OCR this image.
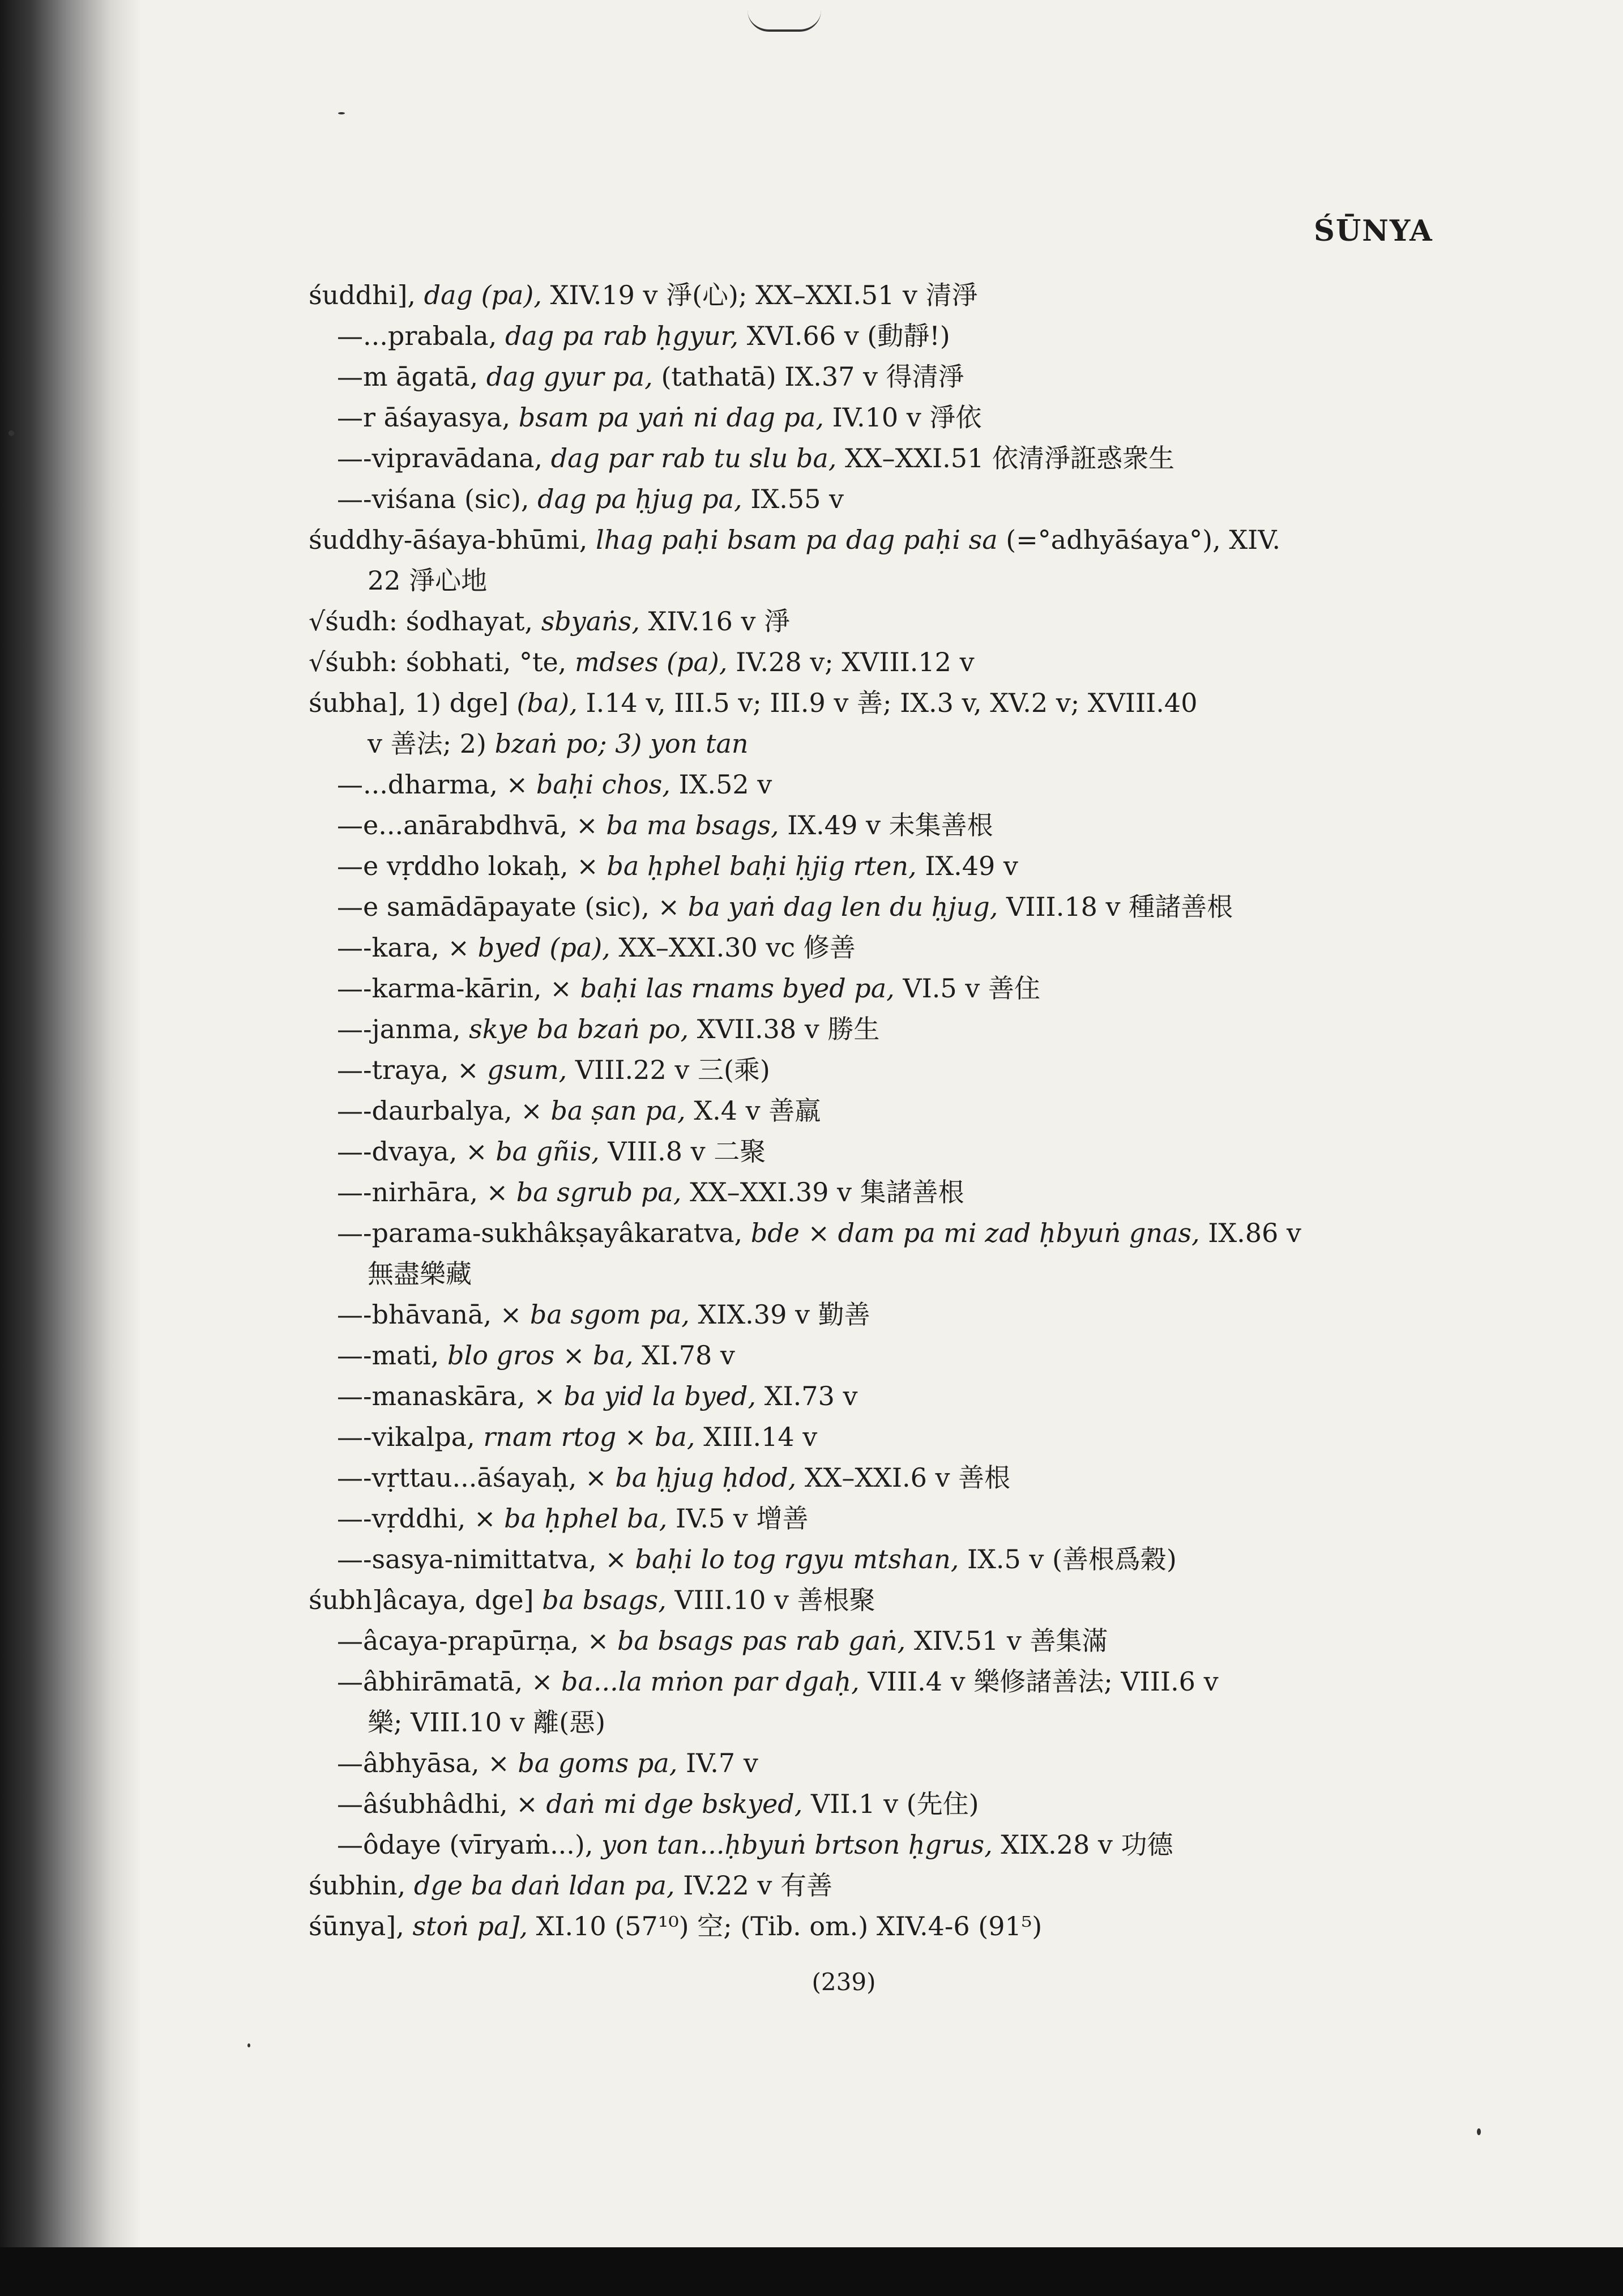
ŚŪNYA
śuddhi], dag (pa), XIV.19 v 淨(心); XX–XXI.51 v 清淨
—...prabala, dag pa rab ḥgyur, XVI.66 v (動靜!)
—m āgatā, dag gyur pa, (tathatā) IX.37 v 得清淨
—r āśayasya, bsam pa yaṅ ni dag pa, IV.10 v 淨依
—-vipravādana, dag par rab tu slu ba, XX–XXI.51 依清淨誑惑衆生
—-viśana (sic), dag pa ḥjug pa, IX.55 v
śuddhy-āśaya-bhūmi, lhag paḥi bsam pa dag paḥi sa (=°adhyāśaya°), XIV.
22 淨心地
√śudh: śodhayat, sbyaṅs, XIV.16 v 淨
√śubh: śobhati, °te, mdses (pa), IV.28 v; XVIII.12 v
śubha], 1) dge] (ba), I.14 v, III.5 v; III.9 v 善; IX.3 v, XV.2 v; XVIII.40
v 善法; 2) bzaṅ po; 3) yon tan
—...dharma, × baḥi chos, IX.52 v
—e...anārabdhvā, × ba ma bsags, IX.49 v 未集善根
—e vṛddho lokaḥ, × ba ḥphel baḥi ḥjig rten, IX.49 v
—e samādāpayate (sic), × ba yaṅ dag len du ḥjug, VIII.18 v 種諸善根
—-kara, × byed (pa), XX–XXI.30 vc 修善
—-karma-kārin, × baḥi las rnams byed pa, VI.5 v 善住
—-janma, skye ba bzaṅ po, XVII.38 v 勝生
—-traya, × gsum, VIII.22 v 三(乘)
—-daurbalya, × ba ṣan pa, X.4 v 善羸
—-dvaya, × ba gñis, VIII.8 v 二聚
—-nirhāra, × ba sgrub pa, XX–XXI.39 v 集諸善根
—-parama-sukhâkṣayâkaratva, bde × dam pa mi zad ḥbyuṅ gnas, IX.86 v
無盡樂藏
—-bhāvanā, × ba sgom pa, XIX.39 v 勤善
—-mati, blo gros × ba, XI.78 v
—-manaskāra, × ba yid la byed, XI.73 v
—-vikalpa, rnam rtog × ba, XIII.14 v
—-vṛttau...āśayaḥ, × ba ḥjug ḥdod, XX–XXI.6 v 善根
—-vṛddhi, × ba ḥphel ba, IV.5 v 增善
—-sasya-nimittatva, × baḥi lo tog rgyu mtshan, IX.5 v (善根爲穀)
śubh]âcaya, dge] ba bsags, VIII.10 v 善根聚
—âcaya-prapūrṇa, × ba bsags pas rab gaṅ, XIV.51 v 善集滿
—âbhirāmatā, × ba...la mṅon par dgaḥ, VIII.4 v 樂修諸善法; VIII.6 v
樂; VIII.10 v 離(惡)
—âbhyāsa, × ba goms pa, IV.7 v
—âśubhâdhi, × daṅ mi dge bskyed, VII.1 v (先住)
—ôdaye (vīryaṁ...), yon tan...ḥbyuṅ brtson ḥgrus, XIX.28 v 功德
śubhin, dge ba daṅ ldan pa, IV.22 v 有善
śūnya], stoṅ pa], XI.10 (57¹⁰) 空; (Tib. om.) XIV.4-6 (91⁵)
(239)
